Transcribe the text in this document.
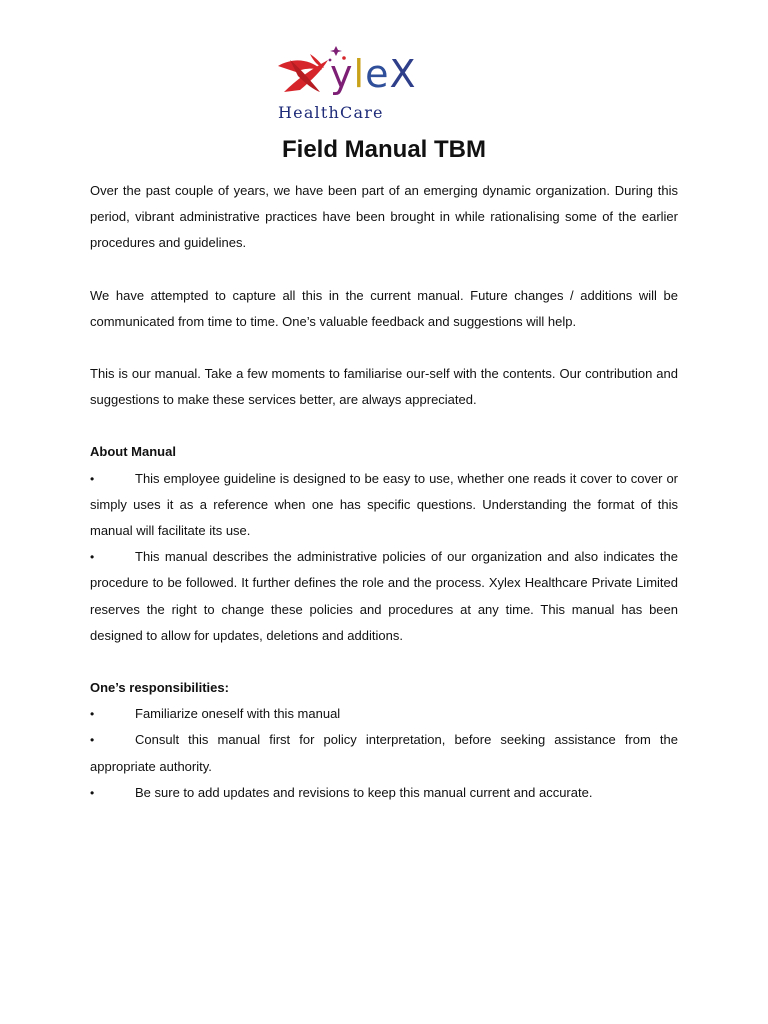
yleX
HealthCare
Field Manual TBM

Over the past couple of years, we have been part of an emerging dynamic organization. During this period, vibrant administrative practices have been brought in while rationalising some of the earlier procedures and guidelines.

We have attempted to capture all this in the current manual. Future changes / additions will be communicated from time to time. One’s valuable feedback and suggestions will help.

This is our manual. Take a few moments to familiarise our-self with the contents. Our contribution and suggestions to make these services better, are always appreciated.

About Manual

•	This employee guideline is designed to be easy to use, whether one reads it cover to cover or simply uses it as a reference when one has specific questions. Understanding the format of this manual will facilitate its use.

•	This manual describes the administrative policies of our organization and also indicates the procedure to be followed. It further defines the role and the process. Xylex Healthcare Private Limited reserves the right to change these policies and procedures at any time. This manual has been designed to allow for updates, deletions and additions.

One’s responsibilities:

•	Familiarize oneself with this manual

•	Consult this manual first for policy interpretation, before seeking assistance from the appropriate authority.

•	Be sure to add updates and revisions to keep this manual current and accurate.
